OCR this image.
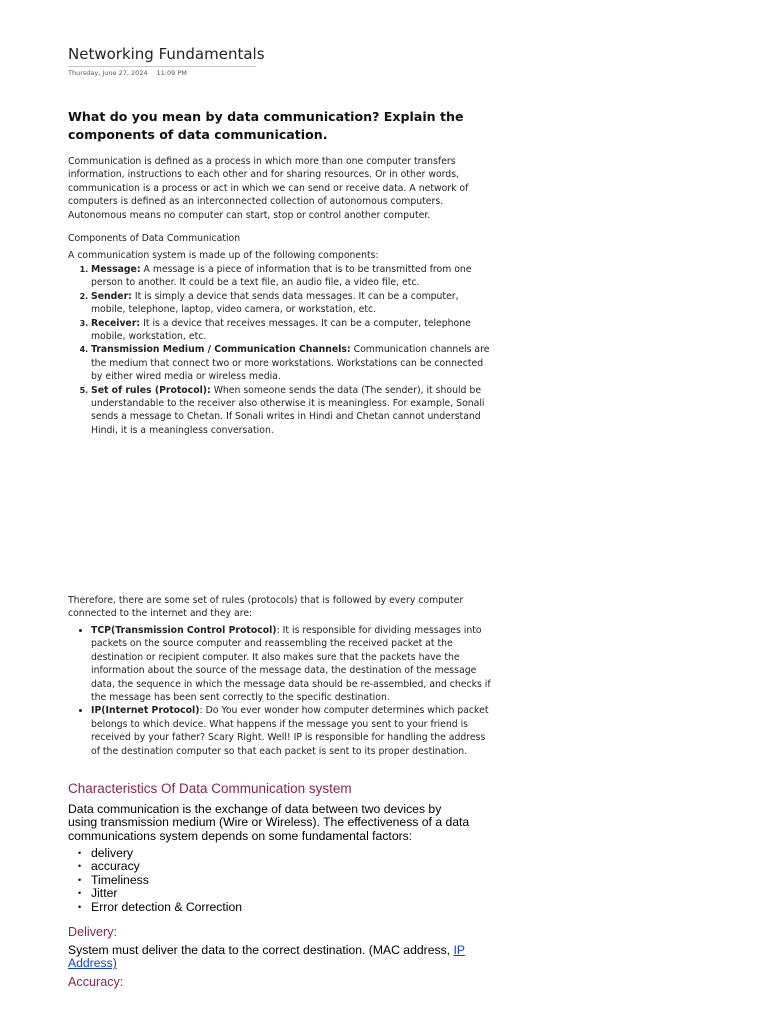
Networking Fundamentals
Thursday, June 27, 2024 11:09 PM
What do you mean by data communication? Explain the components of data communication.
Communication is defined as a process in which more than one computer transfers information, instructions to each other and for sharing resources. Or in other words, communication is a process or act in which we can send or receive data. A network of computers is defined as an interconnected collection of autonomous computers. Autonomous means no computer can start, stop or control another computer.
Components of Data Communication
A communication system is made up of the following components:
1. Message: A message is a piece of information that is to be transmitted from one person to another. It could be a text file, an audio file, a video file, etc.
2. Sender: It is simply a device that sends data messages. It can be a computer, mobile, telephone, laptop, video camera, or workstation, etc.
3. Receiver: It is a device that receives messages. It can be a computer, telephone mobile, workstation, etc.
4. Transmission Medium / Communication Channels: Communication channels are the medium that connect two or more workstations. Workstations can be connected by either wired media or wireless media.
5. Set of rules (Protocol): When someone sends the data (The sender), it should be understandable to the receiver also otherwise it is meaningless. For example, Sonali sends a message to Chetan. If Sonali writes in Hindi and Chetan cannot understand Hindi, it is a meaningless conversation.
Therefore, there are some set of rules (protocols) that is followed by every computer connected to the internet and they are:
• TCP(Transmission Control Protocol): It is responsible for dividing messages into packets on the source computer and reassembling the received packet at the destination or recipient computer. It also makes sure that the packets have the information about the source of the message data, the destination of the message data, the sequence in which the message data should be re-assembled, and checks if the message has been sent correctly to the specific destination.
• IP(Internet Protocol): Do You ever wonder how computer determines which packet belongs to which device. What happens if the message you sent to your friend is received by your father? Scary Right. Well! IP is responsible for handling the address of the destination computer so that each packet is sent to its proper destination.
Characteristics Of Data Communication system
Data communication is the exchange of data between two devices by using transmission medium (Wire or Wireless). The effectiveness of a data communications system depends on some fundamental factors:
• delivery
• accuracy
• Timeliness
• Jitter
• Error detection & Correction
Delivery:
System must deliver the data to the correct destination. (MAC address, IP Address)
Accuracy:
